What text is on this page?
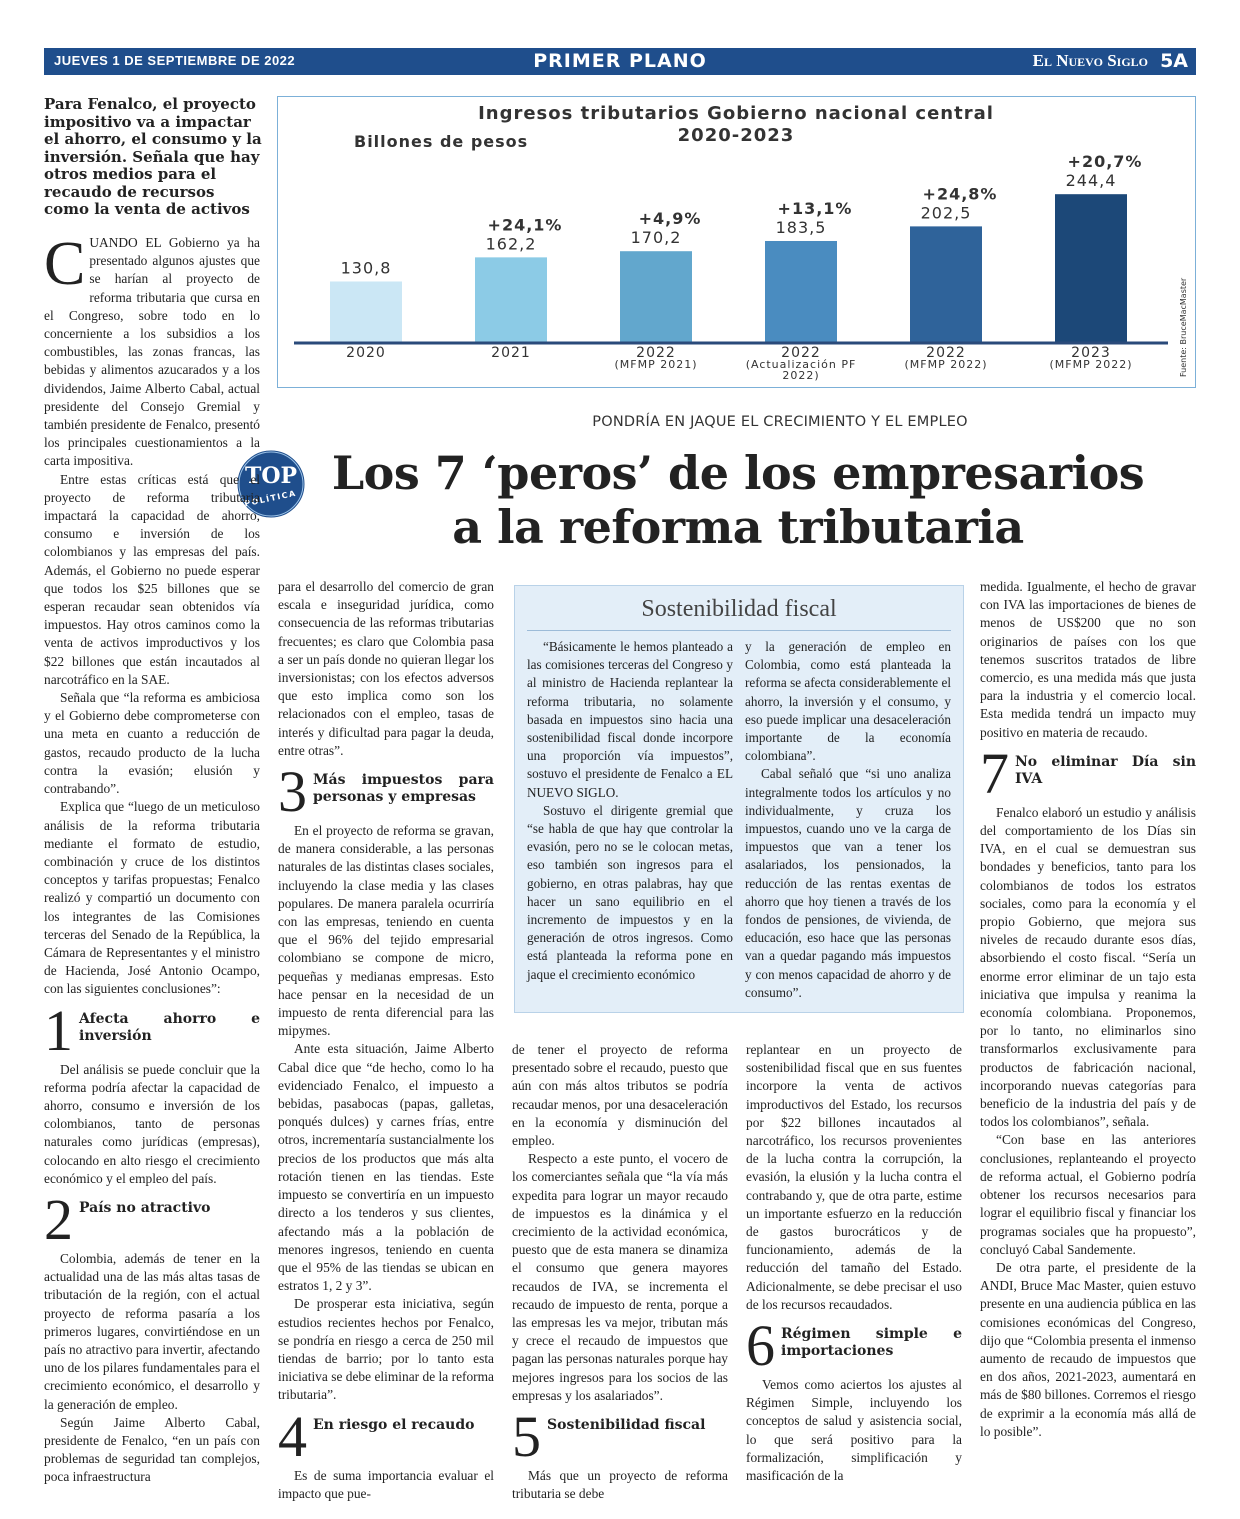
JUEVES 1 DE SEPTIEMBRE DE 2022	PRIMER PLANO	El Nuevo Siglo 5A
Para Fenalco, el proyecto impositivo va a impactar el ahorro, el consumo y la inversión. Señala que hay otros medios para el recaudo de recursos como la venta de activos
Ingresos tributarios Gobierno nacional central
2020-2023
Billones de pesos
130,8
2020
162,2
+24,1%
2021
170,2
+4,9%
2022
(MFMP 2021)
183,5
+13,1%
2022
(Actualización PF
2022)
202,5
+24,8%
2022
(MFMP 2022)
244,4
+20,7%
2023
(MFMP 2022)	Fuente: BruceMacMaster
PONDRÍA EN JAQUE EL CRECIMIENTO Y EL EMPLEO
Los 7 ‘peros’ de los empresarios
a la reforma tributaria
TOP
POLÍTICA

CUANDO EL Gobierno ya ha presentado algunos ajustes que se harían al proyecto de reforma tributaria que cursa en el Congreso, sobre todo en lo concerniente a los subsidios a los combustibles, las zonas francas, las bebidas y alimentos azucarados y a los dividendos, Jaime Alberto Cabal, actual presidente del Consejo Gremial y también presidente de Fenalco, presentó los principales cuestionamientos a la carta impositiva.

Entre estas críticas está que el proyecto de reforma tributaria impactará la capacidad de ahorro, consumo e inversión de los colombianos y las empresas del país. Además, el Gobierno no puede esperar que todos los $25 billones que se esperan recaudar sean obtenidos vía impuestos. Hay otros caminos como la venta de activos improductivos y los $22 billones que están incautados al narcotráfico en la SAE.

Señala que “la reforma es ambiciosa y el Gobierno debe comprometerse con una meta en cuanto a reducción de gastos, recaudo producto de la lucha contra la evasión; elusión y contrabando”.

Explica que “luego de un meticuloso análisis de la reforma tributaria mediante el formato de estudio, combinación y cruce de los distintos conceptos y tarifas propuestas; Fenalco realizó y compartió un documento con los integrantes de las Comisiones terceras del Senado de la República, la Cámara de Representantes y el ministro de Hacienda, José Antonio Ocampo, con las siguientes conclusiones”:

1 Afecta ahorro e inversión

Del análisis se puede concluir que la reforma podría afectar la capacidad de ahorro, consumo e inversión de los colombianos, tanto de personas naturales como jurídicas (empresas), colocando en alto riesgo el crecimiento económico y el empleo del país.

2 País no atractivo

Colombia, además de tener en la actualidad una de las más altas tasas de tributación de la región, con el actual proyecto de reforma pasaría a los primeros lugares, convirtiéndose en un país no atractivo para invertir, afectando uno de los pilares fundamentales para el crecimiento económico, el desarrollo y la generación de empleo.

Según Jaime Alberto Cabal, presidente de Fenalco, “en un país con problemas de seguridad tan complejos, poca infraestructura

para el desarrollo del comercio de gran escala e inseguridad jurídica, como consecuencia de las reformas tributarias frecuentes; es claro que Colombia pasa a ser un país donde no quieran llegar los inversionistas; con los efectos adversos que esto implica como son los relacionados con el empleo, tasas de interés y dificultad para pagar la deuda, entre otras”.

3 Más impuestos para personas y empresas

En el proyecto de reforma se gravan, de manera considerable, a las personas naturales de las distintas clases sociales, incluyendo la clase media y las clases populares. De manera paralela ocurriría con las empresas, teniendo en cuenta que el 96% del tejido empresarial colombiano se compone de micro, pequeñas y medianas empresas. Esto hace pensar en la necesidad de un impuesto de renta diferencial para las mipymes.

Ante esta situación, Jaime Alberto Cabal dice que “de hecho, como lo ha evidenciado Fenalco, el impuesto a bebidas, pasabocas (papas, galletas, ponqués dulces) y carnes frías, entre otros, incrementaría sustancialmente los precios de los productos que más alta rotación tienen en las tiendas. Este impuesto se convertiría en un impuesto directo a los tenderos y sus clientes, afectando más a la población de menores ingresos, teniendo en cuenta que el 95% de las tiendas se ubican en estratos 1, 2 y 3”.

De prosperar esta iniciativa, según estudios recientes hechos por Fenalco, se pondría en riesgo a cerca de 250 mil tiendas de barrio; por lo tanto esta iniciativa se debe eliminar de la reforma tributaria”.

4 En riesgo el recaudo

Es de suma importancia evaluar el impacto que pue-

Sostenibilidad fiscal

“Básicamente le hemos planteado a las comisiones terceras del Congreso y al ministro de Hacienda replantear la reforma tributaria, no solamente basada en impuestos sino hacia una sostenibilidad fiscal donde incorpore una proporción vía impuestos”, sostuvo el presidente de Fenalco a EL NUEVO SIGLO.

Sostuvo el dirigente gremial que “se habla de que hay que controlar la evasión, pero no se le colocan metas, eso también son ingresos para el gobierno, en otras palabras, hay que hacer un sano equilibrio en el incremento de impuestos y en la generación de otros ingresos. Como está planteada la reforma pone en jaque el crecimiento económico

y la generación de empleo en Colombia, como está planteada la reforma se afecta considerablemente el ahorro, la inversión y el consumo, y eso puede implicar una desaceleración importante de la economía colombiana”.

Cabal señaló que “si uno analiza integralmente todos los artículos y no individualmente, y cruza los impuestos, cuando uno ve la carga de impuestos que van a tener los asalariados, los pensionados, la reducción de las rentas exentas de ahorro que hoy tienen a través de los fondos de pensiones, de vivienda, de educación, eso hace que las personas van a quedar pagando más impuestos y con menos capacidad de ahorro y de consumo”.

de tener el proyecto de reforma presentado sobre el recaudo, puesto que aún con más altos tributos se podría recaudar menos, por una desaceleración en la economía y disminución del empleo.

Respecto a este punto, el vocero de los comerciantes señala que “la vía más expedita para lograr un mayor recaudo de impuestos es la dinámica y el crecimiento de la actividad económica, puesto que de esta manera se dinamiza el consumo que genera mayores recaudos de IVA, se incrementa el recaudo de impuesto de renta, porque a las empresas les va mejor, tributan más y crece el recaudo de impuestos que pagan las personas naturales porque hay mejores ingresos para los socios de las empresas y los asalariados”.

5 Sostenibilidad fiscal

Más que un proyecto de reforma tributaria se debe

replantear en un proyecto de sostenibilidad fiscal que en sus fuentes incorpore la venta de activos improductivos del Estado, los recursos por $22 billones incautados al narcotráfico, los recursos provenientes de la lucha contra la corrupción, la evasión, la elusión y la lucha contra el contrabando y, que de otra parte, estime un importante esfuerzo en la reducción de gastos burocráticos y de funcionamiento, además de la reducción del tamaño del Estado. Adicionalmente, se debe precisar el uso de los recursos recaudados.

6 Régimen simple e importaciones

Vemos como aciertos los ajustes al Régimen Simple, incluyendo los conceptos de salud y asistencia social, lo que será positivo para la formalización, simplificación y masificación de la

medida. Igualmente, el hecho de gravar con IVA las importaciones de bienes de menos de US$200 que no son originarios de países con los que tenemos suscritos tratados de libre comercio, es una medida más que justa para la industria y el comercio local. Esta medida tendrá un impacto muy positivo en materia de recaudo.

7 No eliminar Día sin IVA

Fenalco elaboró un estudio y análisis del comportamiento de los Días sin IVA, en el cual se demuestran sus bondades y beneficios, tanto para los colombianos de todos los estratos sociales, como para la economía y el propio Gobierno, que mejora sus niveles de recaudo durante esos días, absorbiendo el costo fiscal. “Sería un enorme error eliminar de un tajo esta iniciativa que impulsa y reanima la economía colombiana. Proponemos, por lo tanto, no eliminarlos sino transformarlos exclusivamente para productos de fabricación nacional, incorporando nuevas categorías para beneficio de la industria del país y de todos los colombianos”, señala.

“Con base en las anteriores conclusiones, replanteando el proyecto de reforma actual, el Gobierno podría obtener los recursos necesarios para lograr el equilibrio fiscal y financiar los programas sociales que ha propuesto”, concluyó Cabal Sandemente.

De otra parte, el presidente de la ANDI, Bruce Mac Master, quien estuvo presente en una audiencia pública en las comisiones económicas del Congreso, dijo que “Colombia presenta el inmenso aumento de recaudo de impuestos que en dos años, 2021-2023, aumentará en más de $80 billones. Corremos el riesgo de exprimir a la economía más allá de lo posible”.
